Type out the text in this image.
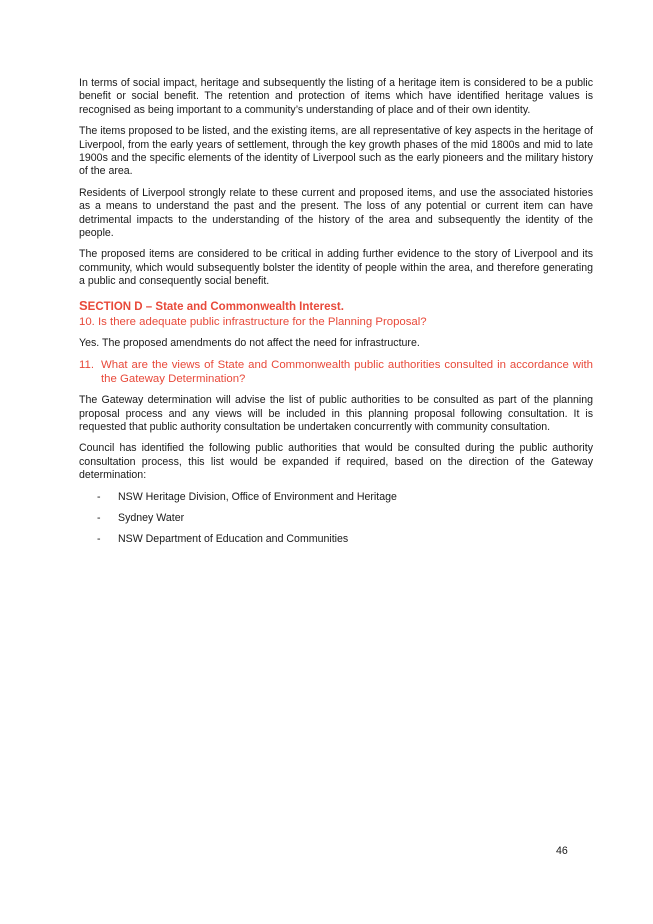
In terms of social impact, heritage and subsequently the listing of a heritage item is considered to be a public benefit or social benefit. The retention and protection of items which have identified heritage values is recognised as being important to a community’s understanding of place and of their own identity.

The items proposed to be listed, and the existing items, are all representative of key aspects in the heritage of Liverpool, from the early years of settlement, through the key growth phases of the mid 1800s and mid to late 1900s and the specific elements of the identity of Liverpool such as the early pioneers and the military history of the area.

Residents of Liverpool strongly relate to these current and proposed items, and use the associated histories as a means to understand the past and the present. The loss of any potential or current item can have detrimental impacts to the understanding of the history of the area and subsequently the identity of the people.

The proposed items are considered to be critical in adding further evidence to the story of Liverpool and its community, which would subsequently bolster the identity of people within the area, and therefore generating a public and consequently social benefit.

SECTION D – State and Commonwealth Interest.
10. Is there adequate public infrastructure for the Planning Proposal?

Yes. The proposed amendments do not affect the need for infrastructure.

11. What are the views of State and Commonwealth public authorities consulted in accordance with the Gateway Determination?

The Gateway determination will advise the list of public authorities to be consulted as part of the planning proposal process and any views will be included in this planning proposal following consultation. It is requested that public authority consultation be undertaken concurrently with community consultation.

Council has identified the following public authorities that would be consulted during the public authority consultation process, this list would be expanded if required, based on the direction of the Gateway determination:

-	NSW Heritage Division, Office of Environment and Heritage
-	Sydney Water
-	NSW Department of Education and Communities
46
